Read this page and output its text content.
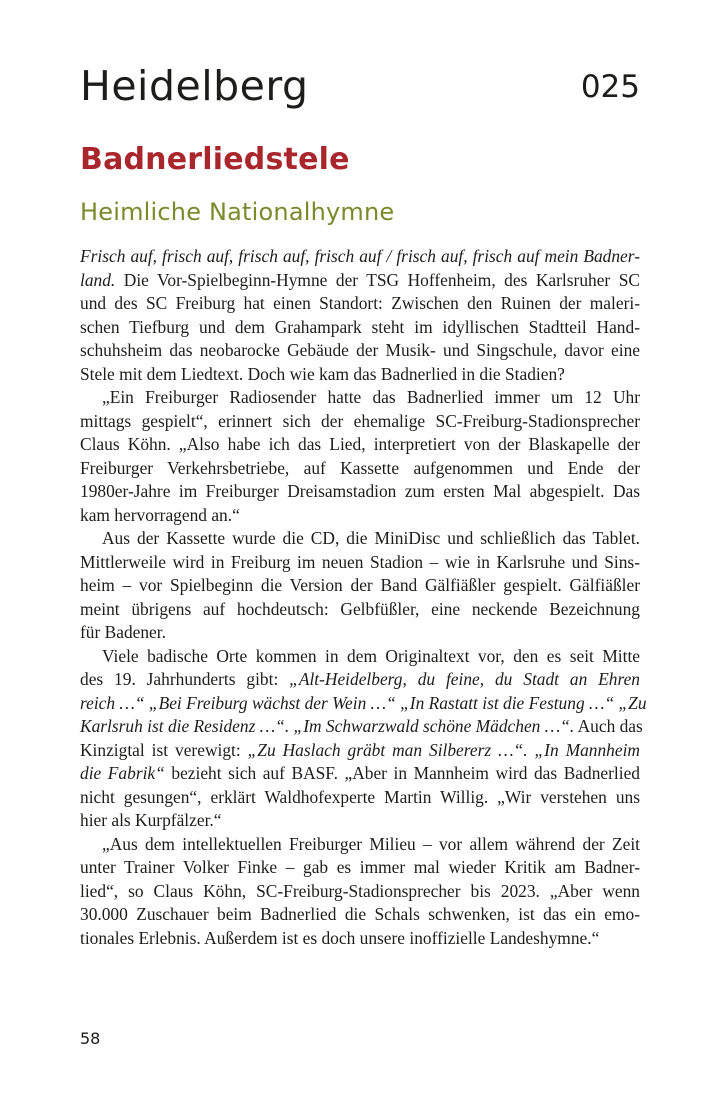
Heidelberg	025
Badnerliedstele
Heimliche Nationalhymne
Frisch auf, frisch auf, frisch auf, frisch auf / frisch auf, frisch auf mein Badner-
land. Die Vor-Spielbeginn-Hymne der TSG Hoffenheim, des Karlsruher SC
und des SC Freiburg hat einen Standort: Zwischen den Ruinen der maleri-
schen Tiefburg und dem Grahampark steht im idyllischen Stadtteil Hand-
schuhsheim das neobarocke Gebäude der Musik- und Singschule, davor eine
Stele mit dem Liedtext. Doch wie kam das Badnerlied in die Stadien?
„Ein Freiburger Radiosender hatte das Badnerlied immer um 12 Uhr
mittags gespielt“, erinnert sich der ehemalige SC-Freiburg-Stadionsprecher
Claus Köhn. „Also habe ich das Lied, interpretiert von der Blaskapelle der
Freiburger Verkehrsbetriebe, auf Kassette aufgenommen und Ende der
1980er-Jahre im Freiburger Dreisamstadion zum ersten Mal abgespielt. Das
kam hervorragend an.“
Aus der Kassette wurde die CD, die MiniDisc und schließlich das Tablet.
Mittlerweile wird in Freiburg im neuen Stadion – wie in Karlsruhe und Sins-
heim – vor Spielbeginn die Version der Band Gälfiäßler gespielt. Gälfiäßler
meint übrigens auf hochdeutsch: Gelbfüßler, eine neckende Bezeichnung
für Badener.
Viele badische Orte kommen in dem Originaltext vor, den es seit Mitte
des 19. Jahrhunderts gibt: „Alt-Heidelberg, du feine, du Stadt an Ehren
reich …“ „Bei Freiburg wächst der Wein …“ „In Rastatt ist die Festung …“ „Zu
Karlsruh ist die Residenz …“. „Im Schwarzwald schöne Mädchen …“. Auch das
Kinzigtal ist verewigt: „Zu Haslach gräbt man Silbererz …“. „In Mannheim
die Fabrik“ bezieht sich auf BASF. „Aber in Mannheim wird das Badnerlied
nicht gesungen“, erklärt Waldhofexperte Martin Willig. „Wir verstehen uns
hier als Kurpfälzer.“
„Aus dem intellektuellen Freiburger Milieu – vor allem während der Zeit
unter Trainer Volker Finke – gab es immer mal wieder Kritik am Badner-
lied“, so Claus Köhn, SC-Freiburg-Stadionsprecher bis 2023. „Aber wenn
30.000 Zuschauer beim Badnerlied die Schals schwenken, ist das ein emo-
tionales Erlebnis. Außerdem ist es doch unsere inoffizielle Landeshymne.“
58
